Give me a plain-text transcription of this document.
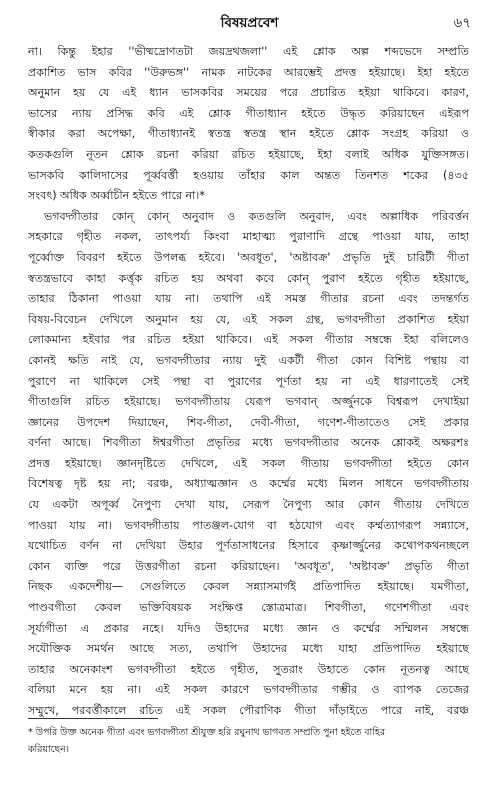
বিষয়প্রবেশ	৬৭
না। কিন্তু ইহার ''ভীষ্মদ্রোণতটা জয়দ্রথজলা'' এই শ্লোক অল্প শব্দভেদে সম্প্রতি
প্রকাশিত ভাস কবির ''উরুভঙ্গ'' নামক নাটকের আরম্ভেই প্রদত্ত হইয়াছে। ইহা হইতে
অনুমান হয় যে এই ধ্যান ভাসকবির সময়ের পরে প্রচারিত হইয়া থাকিবে। কারণ,
ভাসের ন্যায় প্রসিদ্ধ কবি এই শ্লোক গীতাধ্যান হইতে উদ্ধৃত করিয়াছেন এইরূপ
স্বীকার করা অপেক্ষা, গীতাধ্যানই স্বতন্ত্র স্বতন্ত্র স্থান হইতে শ্লোক সংগ্রহ করিয়া ও
কতকগুলি নূতন শ্লোক রচনা করিয়া রচিত হইয়াছে, ইহা বলাই অধিক যুক্তিসঙ্গত।
ভাসকবি কালিদাসের পূর্ব্ববর্ত্তী হওয়ায় তাঁহার কাল অন্তত তিনশত শকের (৪৩৫
সংবৎ) অধিক অর্ব্বাচীন হইতে পারে না।*
ভগবদ্গীতার কোন্ কোন্ অনুবাদ ও কতগুলি অনুবাদ, এবং অল্পাধিক পরিবর্ত্তন
সহকারে গৃহীত নকল, তাৎপর্য্য কিংবা মাহাত্ম্য পুরাণাদি গ্রন্থে পাওয়া যায়, তাহা
পূর্ব্বোক্ত বিবরণ হইতে উপলব্ধ হইবে। 'অবধূত', 'অষ্টাবক্র' প্রভৃতি দুই চারিটী গীতা
স্বতন্ত্রভাবে কাহা কর্ত্তৃক রচিত হয় অথবা কবে কোন্ পুরাণ হইতে গৃহীত হইয়াছে,
তাহার ঠিকানা পাওয়া যায় না। তথাপি এই সমস্ত গীতার রচনা এবং তদন্তর্গত
বিষয়-বিবেচন দেখিলে অনুমান হয় যে, এই সকল গ্রন্থ, ভগবদ্গীতা প্রকাশিত হইয়া
লোকমান্য হইবার পর রচিত হইয়া থাকিবে। এই সকল গীতার সম্বন্ধে ইহা বলিলেও
কোনই ক্ষতি নাই যে, ভগবদ্গীতার ন্যায় দুই একটী গীতা কোন বিশিষ্ট পন্থায় বা
পুরাণে না থাকিলে সেই পন্থা বা পুরাণের পূর্ণতা হয় না এই ধারণাতেই সেই
গীতাগুলি রচিত হইয়াছে। ভগবদ্গীতায় যেরূপ ভগবান্ অর্জ্জুনকে বিশ্বরূপ দেখাইয়া
জ্ঞানের উপদেশ দিয়াছেন, শিব-গীতা, দেবী-গীতা, গণেশ-গীতাতেও সেই প্রকার
বর্ণনা আছে। শিবগীতা ঈশ্বরগীতা প্রভৃতির মধ্যে ভগবদ্গীতার অনেক শ্লোকই অক্ষরশঃ
প্রদত্ত হইয়াছে। জ্ঞানদৃষ্টিতে দেখিলে, এই সকল গীতায় ভগবদ্গীতা হইতে কোন
বিশেষত্ব দৃষ্ট হয় না; বরঞ্চ, অধ্যাত্মজ্ঞান ও কর্ম্মের মধ্যে মিলন সাধনে ভগবদ্গীতায়
যে একটা অপূর্ব্ব নৈপুণ্য দেখা যায়, সেরূপ নৈপুণ্য আর কোন গীতায় দেখিতে
পাওয়া যায় না। ভগবদ্গীতায় পাতঞ্জল-যোগ বা হঠযোগ এবং কর্ম্মত্যাগরূপ সন্ন্যাসে,
যথোচিত বর্ণন না দেখিয়া উহার পূর্ণতাসাধনের হিসাবে কৃষ্ণার্জ্জুনের কথোপকথনচ্ছলে
কোন ব্যক্তি পরে উত্তরগীতা রচনা করিয়াছেন। 'অবধূত', 'অষ্টাবক্র' প্রভৃতি গীতা
নিছক একদেশীয়— সেগুলিতে কেবল সন্ন্যাসমার্গই প্রতিপাদিত হইয়াছে। যমগীতা,
পাণ্ডবগীতা কেবল ভক্তিবিষয়ক সংক্ষিপ্ত স্তোত্রমাত্র। শিবগীতা, গণেশগীতা এবং
সূর্য্যগীতা এ প্রকার নহে। যদিও উহাদের মধ্যে জ্ঞান ও কর্ম্মের সম্মিলন সম্বন্ধে
সযৌক্তিক সমর্থন আছে সত্য, তথাপি উহাদের মধ্যে যাহা প্রতিপাদিত হইয়াছে
তাহার অনেকাংশ ভগবদ্গীতা হইতে গৃহীত, সুতরাং উহাতে কোন নূতনত্ব আছে
বলিয়া মনে হয় না। এই সকল কারণে ভগবদ্গীতার গম্ভীর ও ব্যাপক তেজের
সম্মুখে, পরবর্ত্তীকালে রচিত এই সকল পৌরাণিক গীতা দাঁড়াইতে পারে নাই, বরঞ্চ
* উপরি উক্ত অনেক গীতা এবং ভগবদ্গীতা শ্রীযুক্ত হরি রঘুনাথ ভাগবত সম্প্রতি পুনা হইতে বাহির
করিয়াছেন।
